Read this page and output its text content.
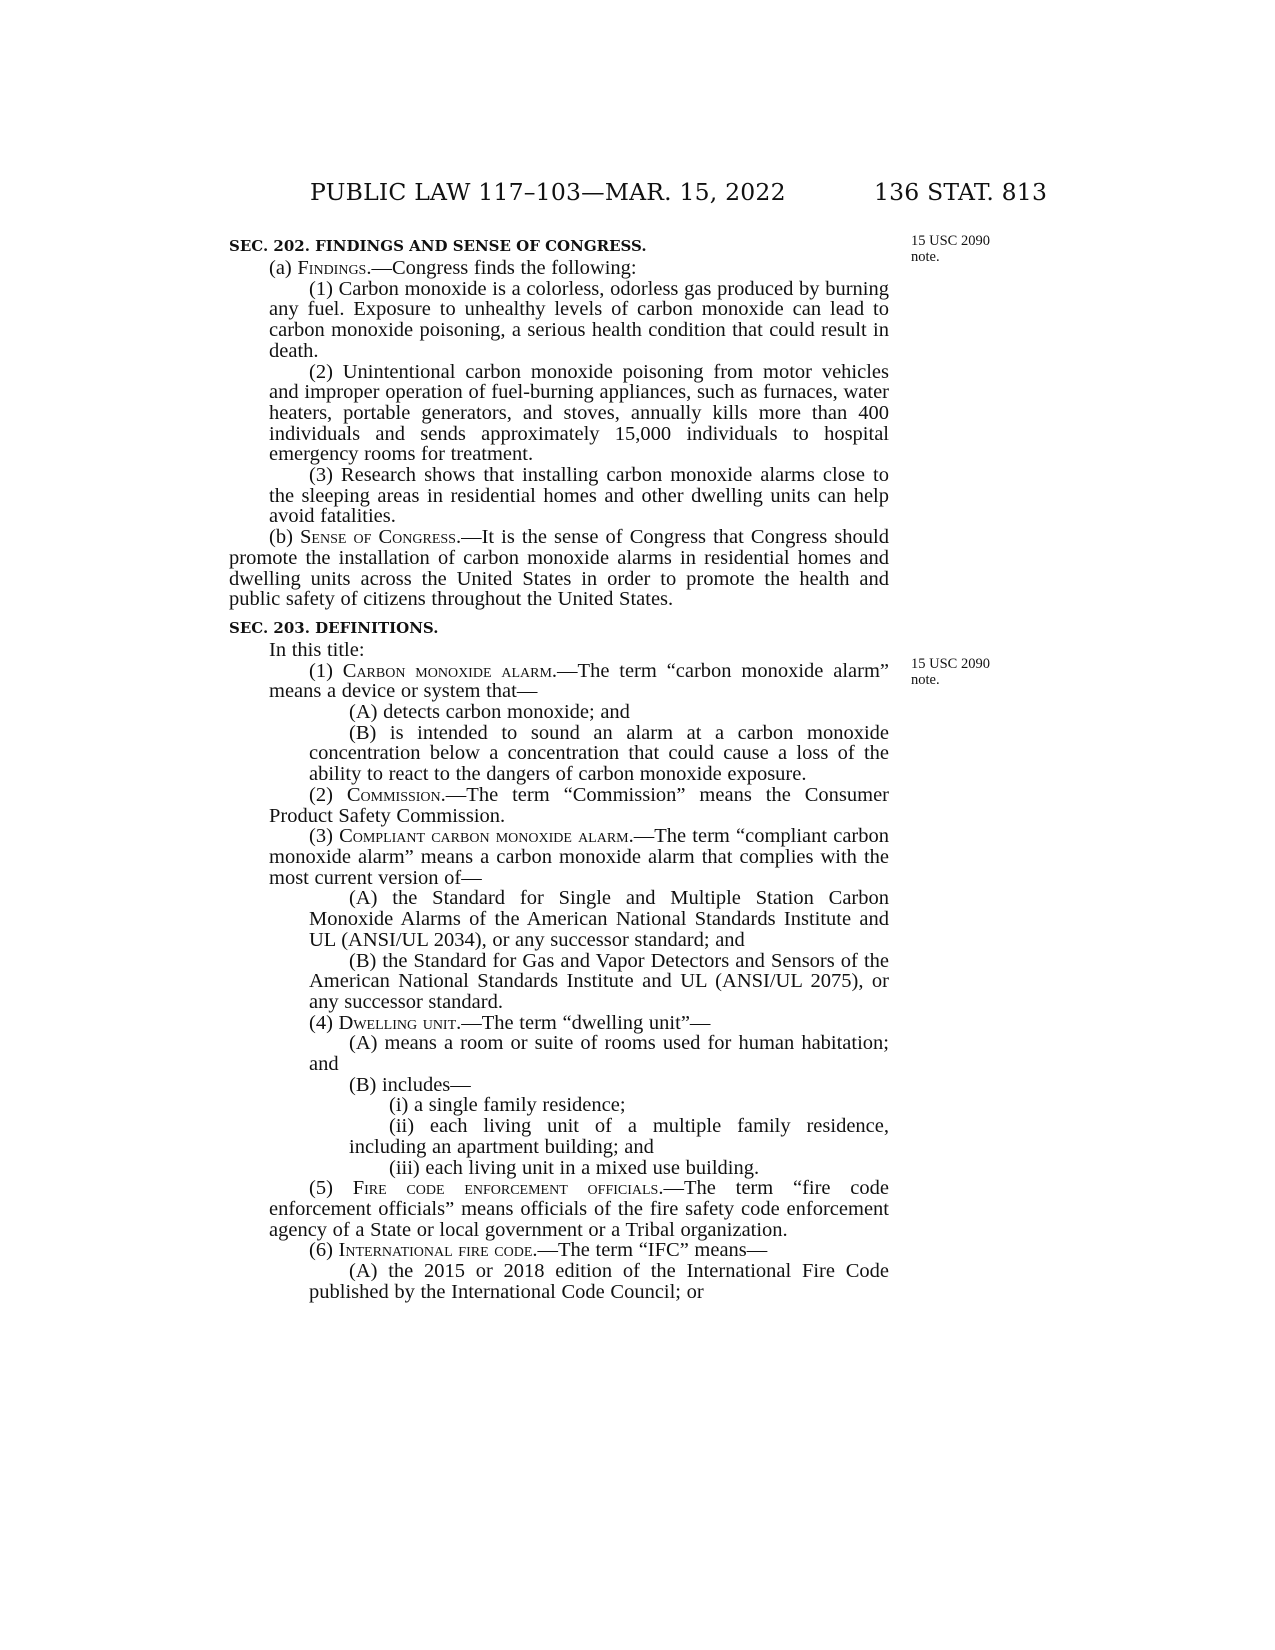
PUBLIC LAW 117–103—MAR. 15, 2022	136 STAT. 813
15 USC 2090
note.
15 USC 2090
note.

SEC. 202. FINDINGS AND SENSE OF CONGRESS.

(a) Findings.—Congress finds the following:

(1) Carbon monoxide is a colorless, odorless gas produced by burning any fuel. Exposure to unhealthy levels of carbon monoxide can lead to carbon monoxide poisoning, a serious health condition that could result in death.

(2) Unintentional carbon monoxide poisoning from motor vehicles and improper operation of fuel-burning appliances, such as furnaces, water heaters, portable generators, and stoves, annually kills more than 400 individuals and sends approximately 15,000 individuals to hospital emergency rooms for treatment.

(3) Research shows that installing carbon monoxide alarms close to the sleeping areas in residential homes and other dwelling units can help avoid fatalities.

(b) Sense of Congress.—It is the sense of Congress that Congress should promote the installation of carbon monoxide alarms in residential homes and dwelling units across the United States in order to promote the health and public safety of citizens throughout the United States.

SEC. 203. DEFINITIONS.

In this title:

(1) Carbon monoxide alarm.—The term “carbon monoxide alarm” means a device or system that—

(A) detects carbon monoxide; and

(B) is intended to sound an alarm at a carbon monoxide concentration below a concentration that could cause a loss of the ability to react to the dangers of carbon monoxide exposure.

(2) Commission.—The term “Commission” means the Consumer Product Safety Commission.

(3) Compliant carbon monoxide alarm.—The term “compliant carbon monoxide alarm” means a carbon monoxide alarm that complies with the most current version of—

(A) the Standard for Single and Multiple Station Carbon Monoxide Alarms of the American National Standards Institute and UL (ANSI/UL 2034), or any successor standard; and

(B) the Standard for Gas and Vapor Detectors and Sensors of the American National Standards Institute and UL (ANSI/UL 2075), or any successor standard.

(4) Dwelling unit.—The term “dwelling unit”—

(A) means a room or suite of rooms used for human habitation; and

(B) includes—

(i) a single family residence;

(ii) each living unit of a multiple family residence, including an apartment building; and

(iii) each living unit in a mixed use building.

(5) Fire code enforcement officials.—The term “fire code enforcement officials” means officials of the fire safety code enforcement agency of a State or local government or a Tribal organization.

(6) International fire code.—The term “IFC” means—

(A) the 2015 or 2018 edition of the International Fire Code published by the International Code Council; or
